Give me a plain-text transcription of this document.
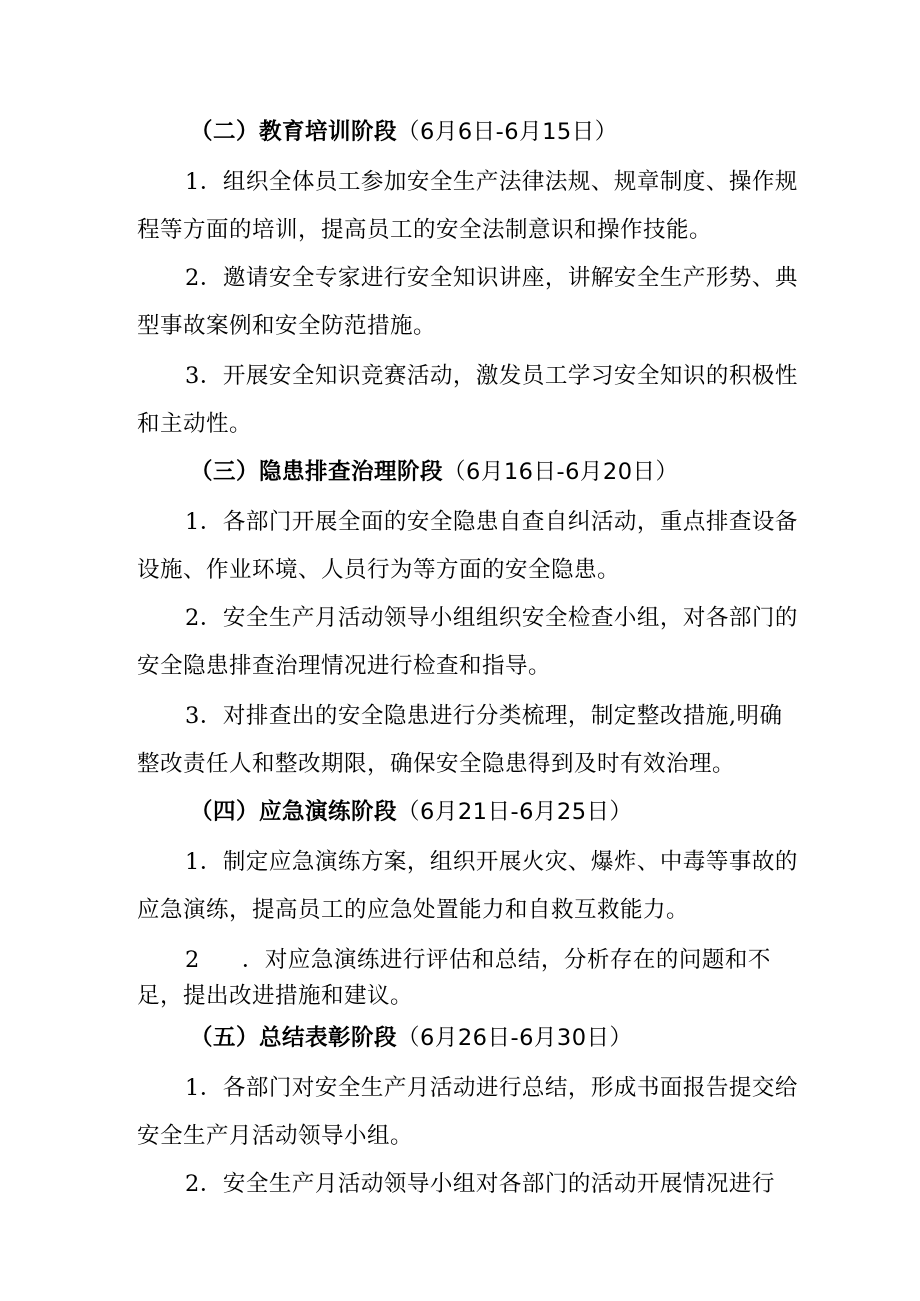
（二）教育培训阶段（6月6日-6月15日）
1．组织全体员工参加安全生产法律法规、规章制度、操作规
程等方面的培训，提高员工的安全法制意识和操作技能。
2．邀请安全专家进行安全知识讲座，讲解安全生产形势、典
型事故案例和安全防范措施。
3．开展安全知识竞赛活动，激发员工学习安全知识的积极性
和主动性。
（三）隐患排查治理阶段（6月16日-6月20日）
1．各部门开展全面的安全隐患自查自纠活动，重点排查设备
设施、作业环境、人员行为等方面的安全隐患。
2．安全生产月活动领导小组组织安全检查小组，对各部门的
安全隐患排查治理情况进行检查和指导。
3．对排查出的安全隐患进行分类梳理，制定整改措施,明确
整改责任人和整改期限，确保安全隐患得到及时有效治理。
（四）应急演练阶段（6月21日-6月25日）
1．制定应急演练方案，组织开展火灾、爆炸、中毒等事故的
应急演练，提高员工的应急处置能力和自救互救能力。
2 ．对应急演练进行评估和总结，分析存在的问题和不
足，提出改进措施和建议。
（五）总结表彰阶段（6月26日-6月30日）
1．各部门对安全生产月活动进行总结，形成书面报告提交给
安全生产月活动领导小组。
2．安全生产月活动领导小组对各部门的活动开展情况进行
